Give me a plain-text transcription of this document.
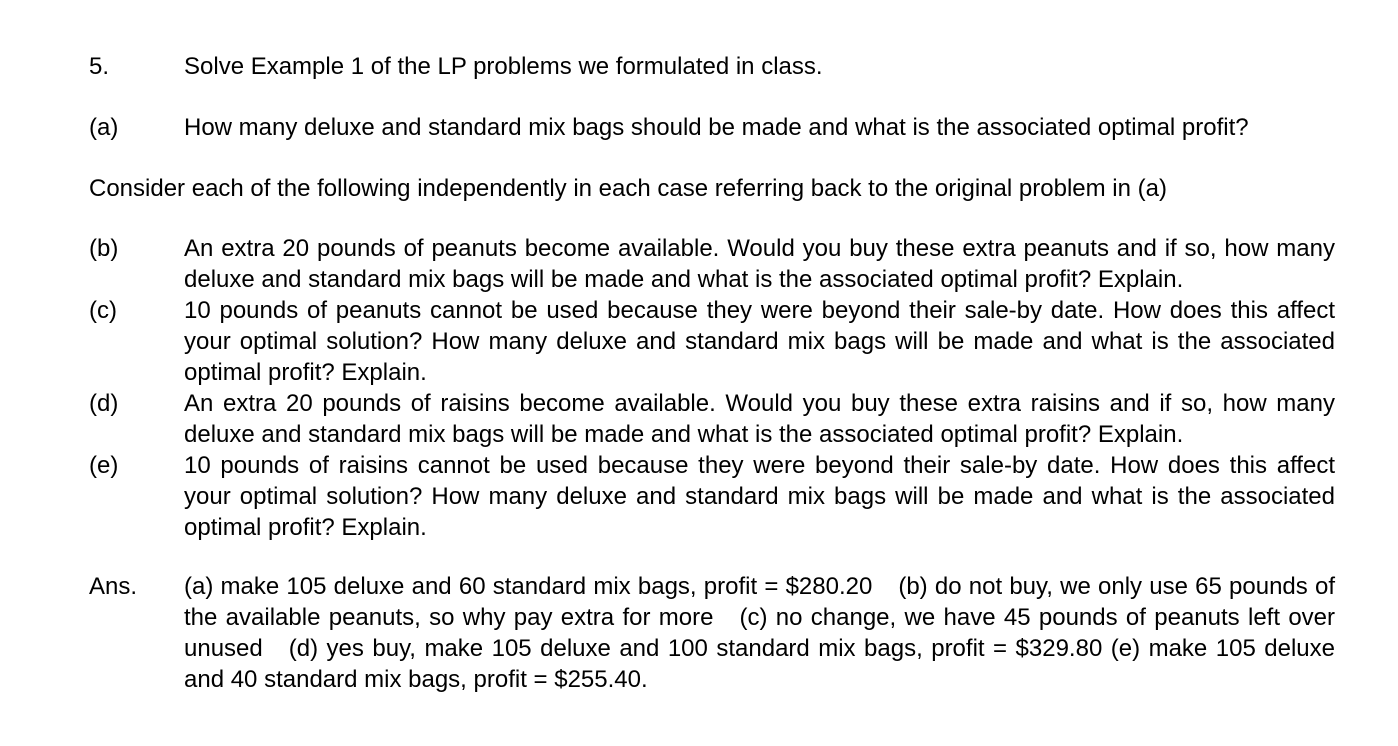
5.	Solve Example 1 of the LP problems we formulated in class.
(a)	How many deluxe and standard mix bags should be made and what is the associated optimal profit?
Consider each of the following independently in each case referring back to the original problem in (a)
(b)	An extra 20 pounds of peanuts become available. Would you buy these extra peanuts and if so, how many deluxe and standard mix bags will be made and what is the associated optimal profit? Explain.
(c)	10 pounds of peanuts cannot be used because they were beyond their sale-by date. How does this affect your optimal solution? How many deluxe and standard mix bags will be made and what is the associated optimal profit? Explain.
(d)	An extra 20 pounds of raisins become available. Would you buy these extra raisins and if so, how many deluxe and standard mix bags will be made and what is the associated optimal profit? Explain.
(e)	10 pounds of raisins cannot be used because they were beyond their sale-by date. How does this affect your optimal solution? How many deluxe and standard mix bags will be made and what is the associated optimal profit? Explain.
Ans. (a) make 105 deluxe and 60 standard mix bags, profit = $280.20 (b) do not buy, we only use 65 pounds of the available peanuts, so why pay extra for more (c) no change, we have 45 pounds of peanuts left over unused (d) yes buy, make 105 deluxe and 100 standard mix bags, profit = $329.80 (e) make 105 deluxe and 40 standard mix bags, profit = $255.40.
